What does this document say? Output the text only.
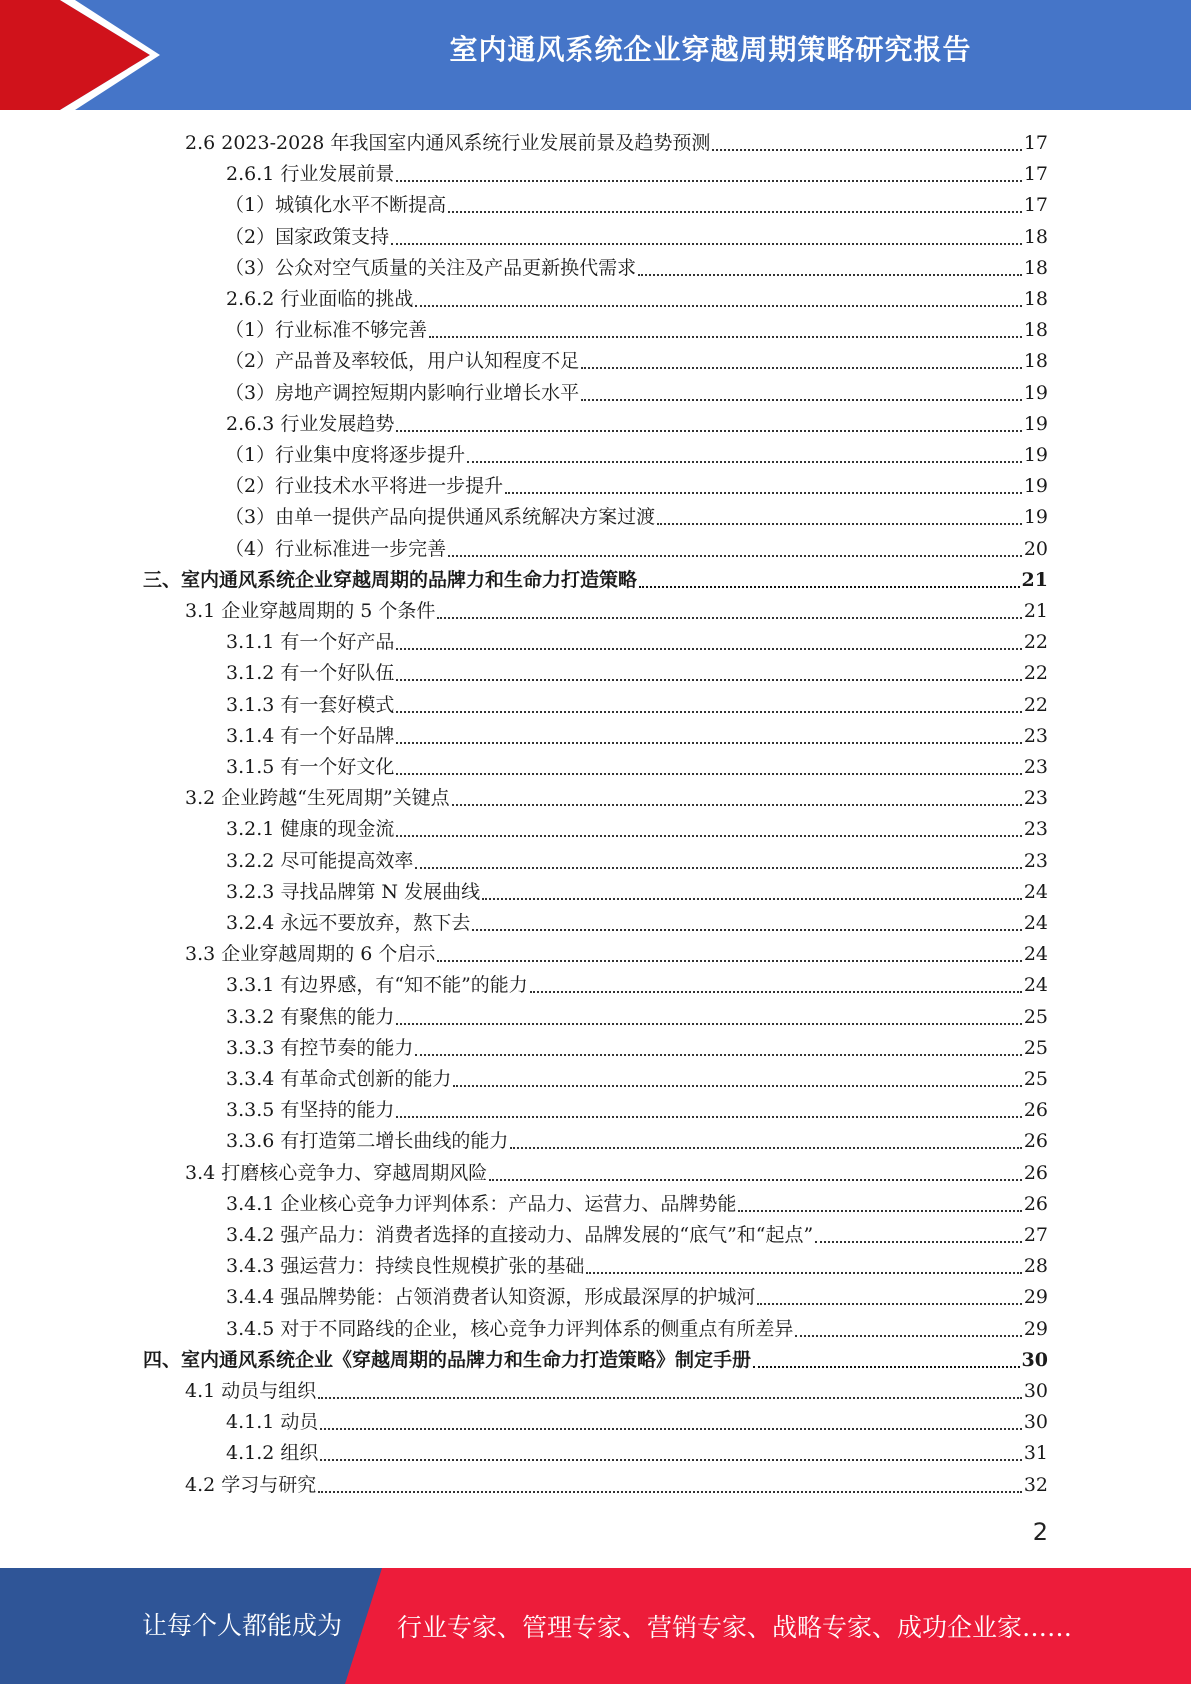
室内通风系统企业穿越周期策略研究报告
2.6 2023-2028 年我国室内通风系统行业发展前景及趋势预测	17
2.6.1 行业发展前景	17
（1）城镇化水平不断提高	17
（2）国家政策支持	18
（3）公众对空气质量的关注及产品更新换代需求	18
2.6.2 行业面临的挑战	18
（1）行业标准不够完善	18
（2）产品普及率较低，用户认知程度不足	18
（3）房地产调控短期内影响行业增长水平	19
2.6.3 行业发展趋势	19
（1）行业集中度将逐步提升	19
（2）行业技术水平将进一步提升	19
（3）由单一提供产品向提供通风系统解决方案过渡	19
（4）行业标准进一步完善	20
三、室内通风系统企业穿越周期的品牌力和生命力打造策略	21
3.1 企业穿越周期的 5 个条件	21
3.1.1 有一个好产品	22
3.1.2 有一个好队伍	22
3.1.3 有一套好模式	22
3.1.4 有一个好品牌	23
3.1.5 有一个好文化	23
3.2 企业跨越“生死周期”关键点	23
3.2.1 健康的现金流	23
3.2.2 尽可能提高效率	23
3.2.3 寻找品牌第 N 发展曲线	24
3.2.4 永远不要放弃，熬下去	24
3.3 企业穿越周期的 6 个启示	24
3.3.1 有边界感，有“知不能”的能力	24
3.3.2 有聚焦的能力	25
3.3.3 有控节奏的能力	25
3.3.4 有革命式创新的能力	25
3.3.5 有坚持的能力	26
3.3.6 有打造第二增长曲线的能力	26
3.4 打磨核心竞争力、穿越周期风险	26
3.4.1 企业核心竞争力评判体系：产品力、运营力、品牌势能	26
3.4.2 强产品力：消费者选择的直接动力、品牌发展的“底气”和“起点”	27
3.4.3 强运营力：持续良性规模扩张的基础	28
3.4.4 强品牌势能：占领消费者认知资源，形成最深厚的护城河	29
3.4.5 对于不同路线的企业，核心竞争力评判体系的侧重点有所差异	29
四、室内通风系统企业《穿越周期的品牌力和生命力打造策略》制定手册	30
4.1 动员与组织	30
4.1.1 动员	30
4.1.2 组织	31
4.2 学习与研究	32
2
让每个人都能成为 行业专家、管理专家、营销专家、战略专家、成功企业家……
